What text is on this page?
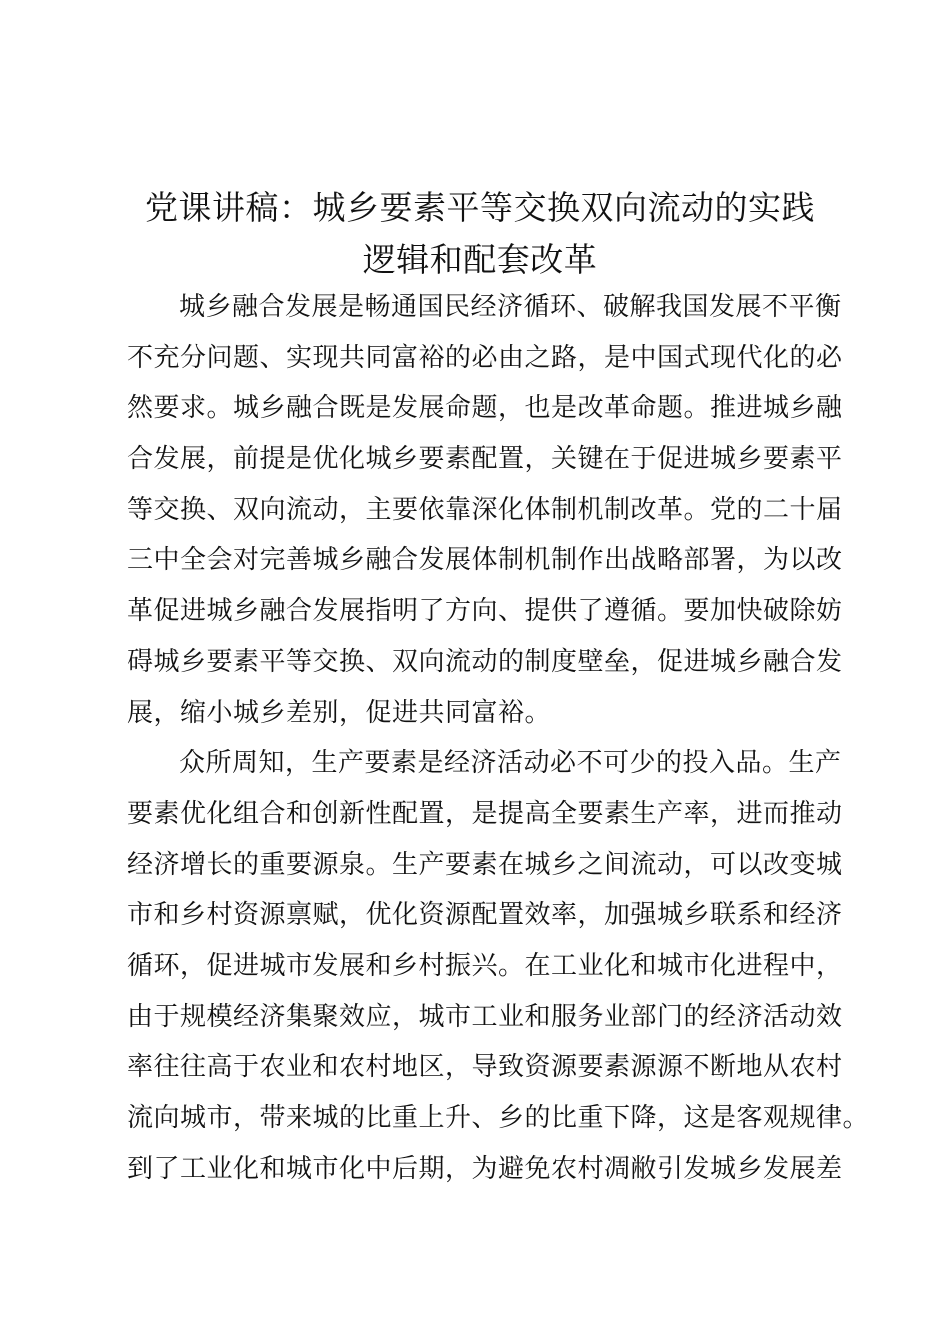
党课讲稿：城乡要素平等交换双向流动的实践
逻辑和配套改革
城乡融合发展是畅通国民经济循环、破解我国发展不平衡
不充分问题、实现共同富裕的必由之路，是中国式现代化的必
然要求。城乡融合既是发展命题，也是改革命题。推进城乡融
合发展，前提是优化城乡要素配置，关键在于促进城乡要素平
等交换、双向流动，主要依靠深化体制机制改革。党的二十届
三中全会对完善城乡融合发展体制机制作出战略部署，为以改
革促进城乡融合发展指明了方向、提供了遵循。要加快破除妨
碍城乡要素平等交换、双向流动的制度壁垒，促进城乡融合发
展，缩小城乡差别，促进共同富裕。
众所周知，生产要素是经济活动必不可少的投入品。生产
要素优化组合和创新性配置，是提高全要素生产率，进而推动
经济增长的重要源泉。生产要素在城乡之间流动，可以改变城
市和乡村资源禀赋，优化资源配置效率，加强城乡联系和经济
循环，促进城市发展和乡村振兴。在工业化和城市化进程中，
由于规模经济集聚效应，城市工业和服务业部门的经济活动效
率往往高于农业和农村地区，导致资源要素源源不断地从农村
流向城市，带来城的比重上升、乡的比重下降，这是客观规律。
到了工业化和城市化中后期，为避免农村凋敝引发城乡发展差
